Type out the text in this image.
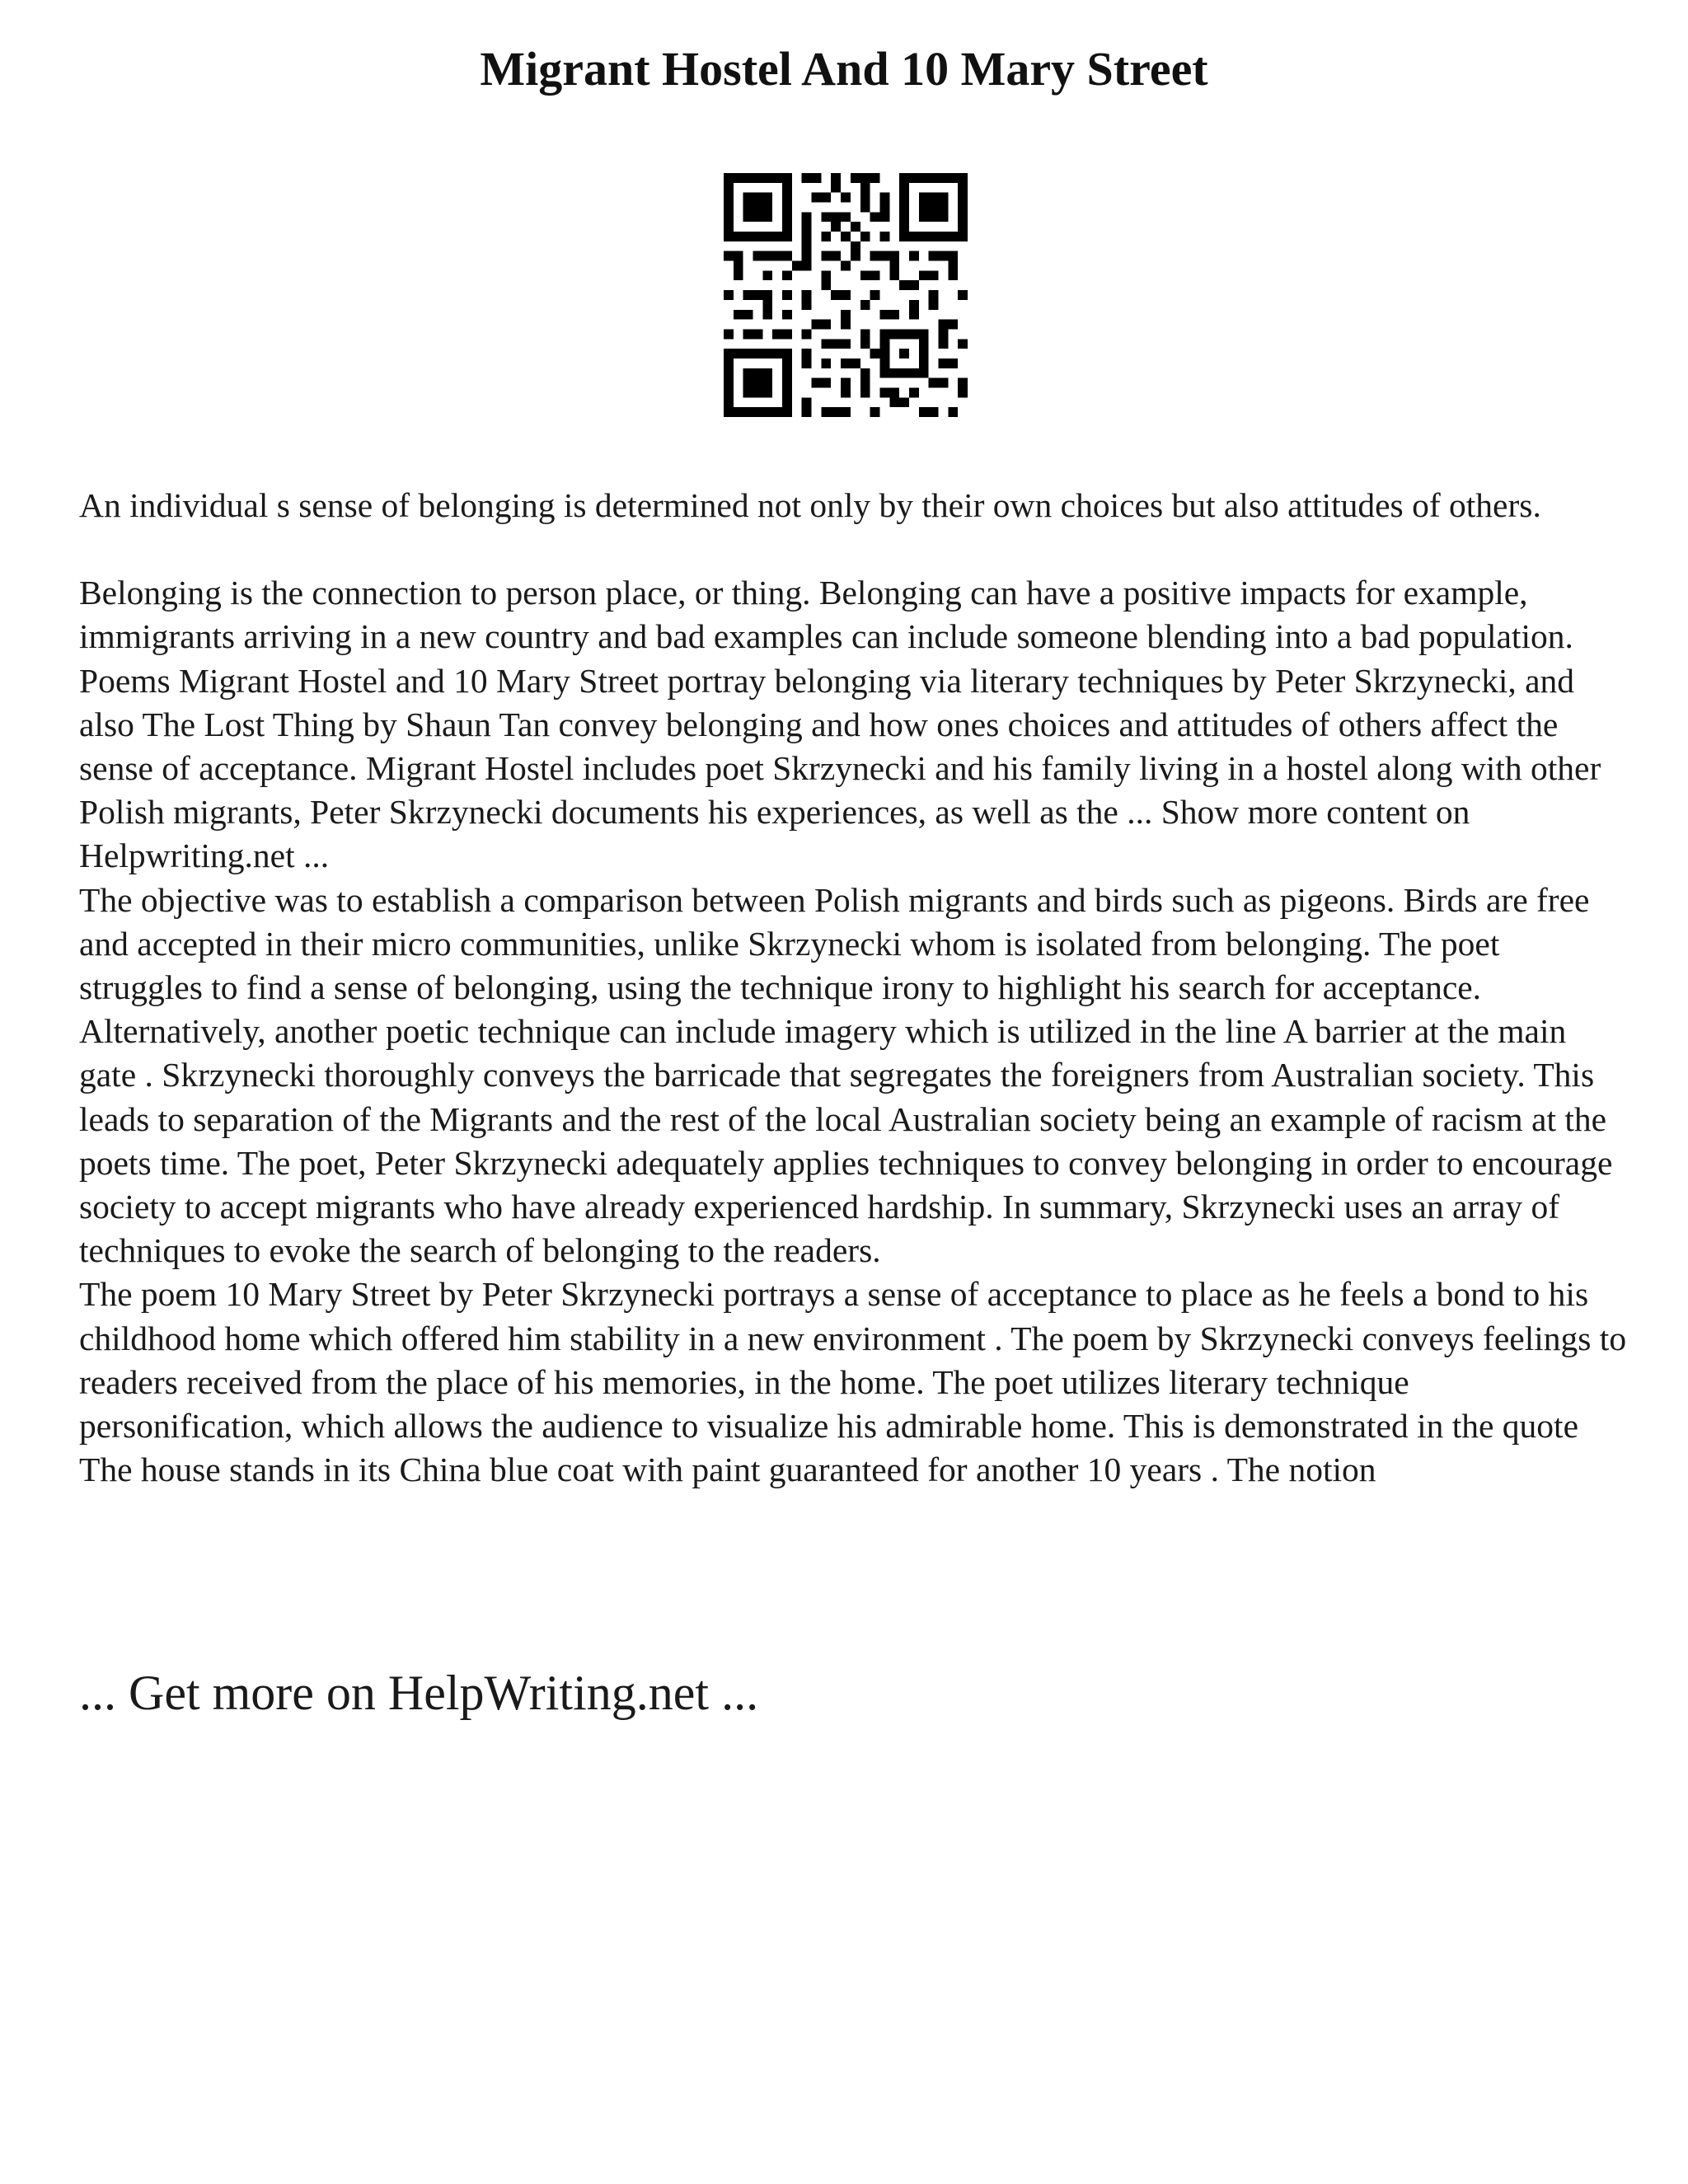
Migrant Hostel And 10 Mary Street

An individual s sense of belonging is determined not only by their own choices but also attitudes of others.

Belonging is the connection to person place, or thing. Belonging can have a positive impacts for example, immigrants arriving in a new country and bad examples can include someone blending into a bad population. Poems Migrant Hostel and 10 Mary Street portray belonging via literary techniques by Peter Skrzynecki, and also The Lost Thing by Shaun Tan convey belonging and how ones choices and attitudes of others affect the sense of acceptance. Migrant Hostel includes poet Skrzynecki and his family living in a hostel along with other Polish migrants, Peter Skrzynecki documents his experiences, as well as the ... Show more content on Helpwriting.net ...

The objective was to establish a comparison between Polish migrants and birds such as pigeons. Birds are free and accepted in their micro communities, unlike Skrzynecki whom is isolated from belonging. The poet struggles to find a sense of belonging, using the technique irony to highlight his search for acceptance. Alternatively, another poetic technique can include imagery which is utilized in the line A barrier at the main gate . Skrzynecki thoroughly conveys the barricade that segregates the foreigners from Australian society. This leads to separation of the Migrants and the rest of the local Australian society being an example of racism at the poets time. The poet, Peter Skrzynecki adequately applies techniques to convey belonging in order to encourage society to accept migrants who have already experienced hardship. In summary, Skrzynecki uses an array of techniques to evoke the search of belonging to the readers.

The poem 10 Mary Street by Peter Skrzynecki portrays a sense of acceptance to place as he feels a bond to his childhood home which offered him stability in a new environment . The poem by Skrzynecki conveys feelings to readers received from the place of his memories, in the home. The poet utilizes literary technique personification, which allows the audience to visualize his admirable home. This is demonstrated in the quote The house stands in its China blue coat with paint guaranteed for another 10 years . The notion

... Get more on HelpWriting.net ...
